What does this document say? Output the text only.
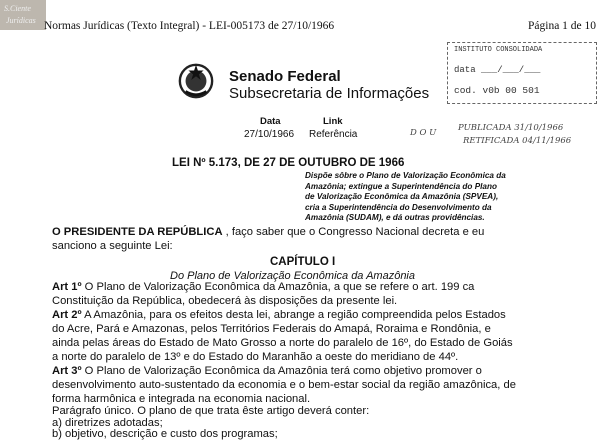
S.Ciente
Jurídicas Normas Jurídicas (Texto Integral) - LEI-005173 de 27/10/1966	Página 1 de 10
INSTITUTO CONSOLIDADA
data ___/___/___
cod. v0b 00 501
Senado Federal
Subsecretaria de Informações
Data	Link
27/10/1966 Referência	D O U	PUBLICADA 31/10/1966
RETIFICADA 04/11/1966
LEI Nº 5.173, DE 27 DE OUTUBRO DE 1966
Dispõe sôbre o Plano de Valorização Econômica da
Amazônia; extingue a Superintendência do Plano
de Valorização Econômica da Amazônia (SPVEA),
cria a Superintendência do Desenvolvimento da
Amazônia (SUDAM), e dá outras providências.
O PRESIDENTE DA REPÚBLICA , faço saber que o Congresso Nacional decreta e eu
sanciono a seguinte Lei:
CAPÍTULO I
Do Plano de Valorização Econômica da Amazônia
Art 1º O Plano de Valorização Econômica da Amazônia, a que se refere o art. 199 ca
Constituição da República, obedecerá às disposições da presente lei.
Art 2º A Amazônia, para os efeitos desta lei, abrange a região compreendida pelos Estados
do Acre, Pará e Amazonas, pelos Territórios Federais do Amapá, Roraima e Rondônia, e
ainda pelas áreas do Estado de Mato Grosso a norte do paralelo de 16º, do Estado de Goiás
a norte do paralelo de 13º e do Estado do Maranhão a oeste do meridiano de 44º.
Art 3º O Plano de Valorização Econômica da Amazônia terá como objetivo promover o
desenvolvimento auto-sustentado da economia e o bem-estar social da região amazônica, de
forma harmônica e integrada na economia nacional.
Parágrafo único. O plano de que trata êste artigo deverá conter:
a) diretrizes adotadas;
b) objetivo, descrição e custo dos programas;
